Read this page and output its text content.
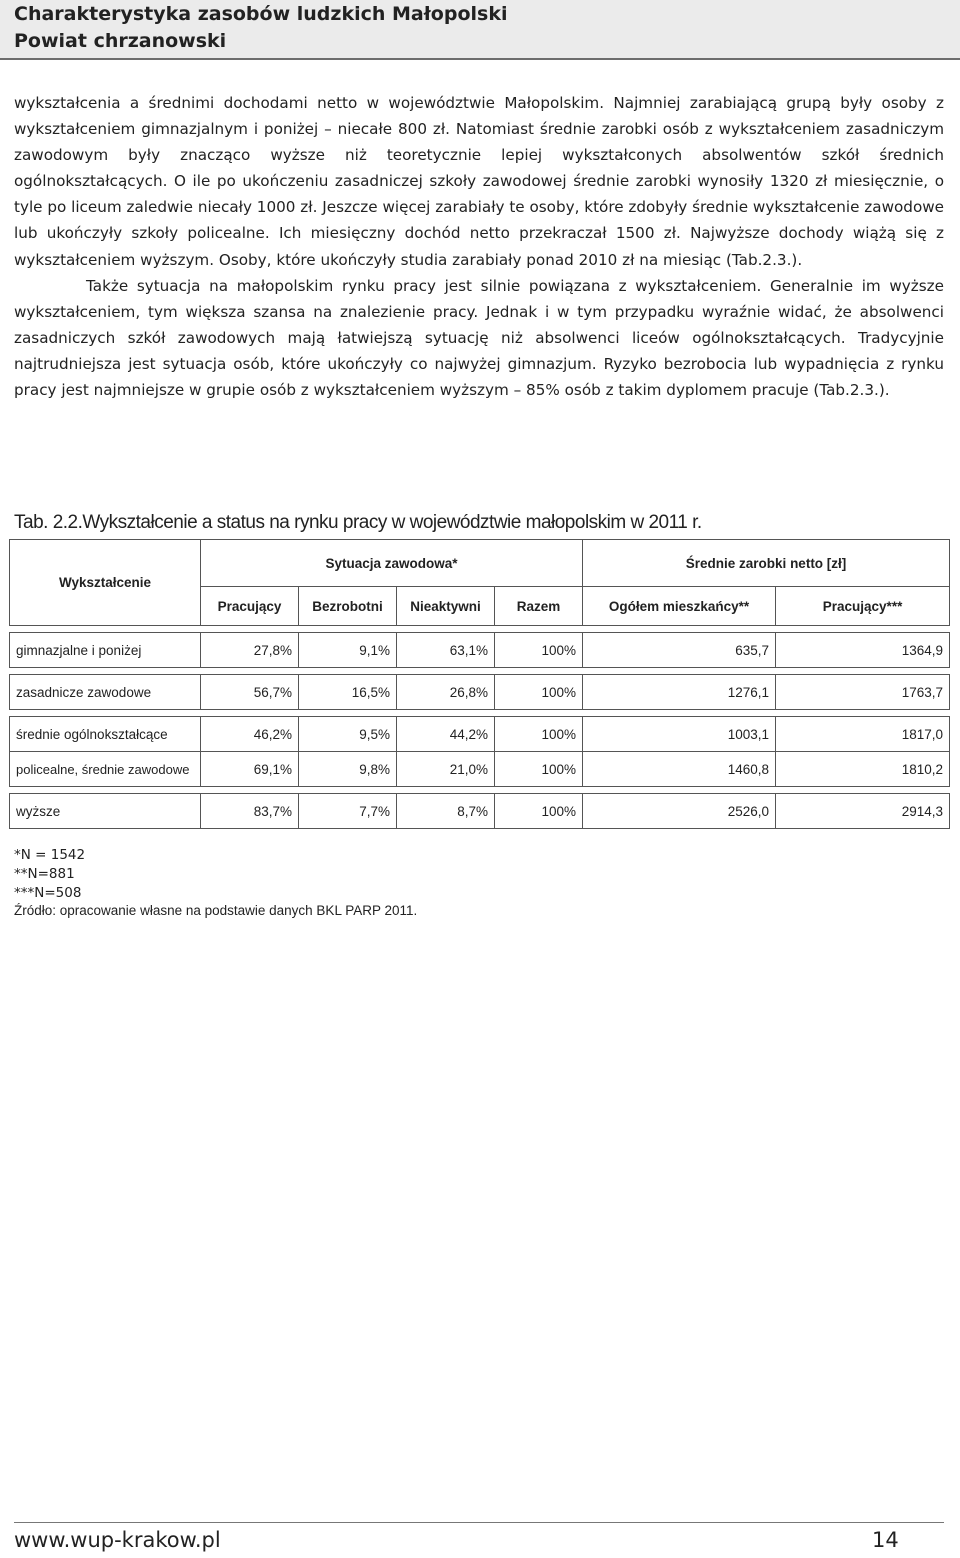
Charakterystyka zasobów ludzkich Małopolski
Powiat chrzanowski

wykształcenia a średnimi dochodami netto w województwie Małopolskim. Najmniej zarabiającą grupą były osoby z wykształceniem gimnazjalnym i poniżej – niecałe 800 zł. Natomiast średnie zarobki osób z wykształceniem zasadniczym zawodowym były znacząco wyższe niż teoretycznie lepiej wykształconych absolwentów szkół średnich ogólnokształcących. O ile po ukończeniu zasadniczej szkoły zawodowej średnie zarobki wynosiły 1320 zł miesięcznie, o tyle po liceum zaledwie niecały 1000 zł. Jeszcze więcej zarabiały te osoby, które zdobyły średnie wykształcenie zawodowe lub ukończyły szkoły policealne. Ich miesięczny dochód netto przekraczał 1500 zł. Najwyższe dochody wiążą się z wykształceniem wyższym. Osoby, które ukończyły studia zarabiały ponad 2010 zł na miesiąc (Tab.2.3.).

Także sytuacja na małopolskim rynku pracy jest silnie powiązana z wykształceniem. Generalnie im wyższe wykształceniem, tym większa szansa na znalezienie pracy. Jednak i w tym przypadku wyraźnie widać, że absolwenci zasadniczych szkół zawodowych mają łatwiejszą sytuację niż absolwenci liceów ogólnokształcących. Tradycyjnie najtrudniejsza jest sytuacja osób, które ukończyły co najwyżej gimnazjum. Ryzyko bezrobocia lub wypadnięcia z rynku pracy jest najmniejsze w grupie osób z wykształceniem wyższym – 85% osób z takim dyplomem pracuje (Tab.2.3.).

Tab. 2.2.Wykształcenie a status na rynku pracy w województwie małopolskim w 2011 r.
Wykształcenie	Sytuacja zawodowa*				Średnie zarobki netto [zł]	
	Pracujący	Bezrobotni	Nieaktywni	Razem	Ogółem mieszkańcy**	Pracujący***

gimnazjalne i poniżej	27,8%	9,1%	63,1%	100%	635,7	1364,9

zasadnicze zawodowe	56,7%	16,5%	26,8%	100%	1276,1	1763,7

średnie ogólnokształcące	46,2%	9,5%	44,2%	100%	1003,1	1817,0
policealne, średnie zawodowe	69,1%	9,8%	21,0%	100%	1460,8	1810,2

wyższe	83,7%	7,7%	8,7%	100%	2526,0	2914,3
*N = 1542
**N=881
***N=508
Źródło: opracowanie własne na podstawie danych BKL PARP 2011.
www.wup-krakow.pl	14
